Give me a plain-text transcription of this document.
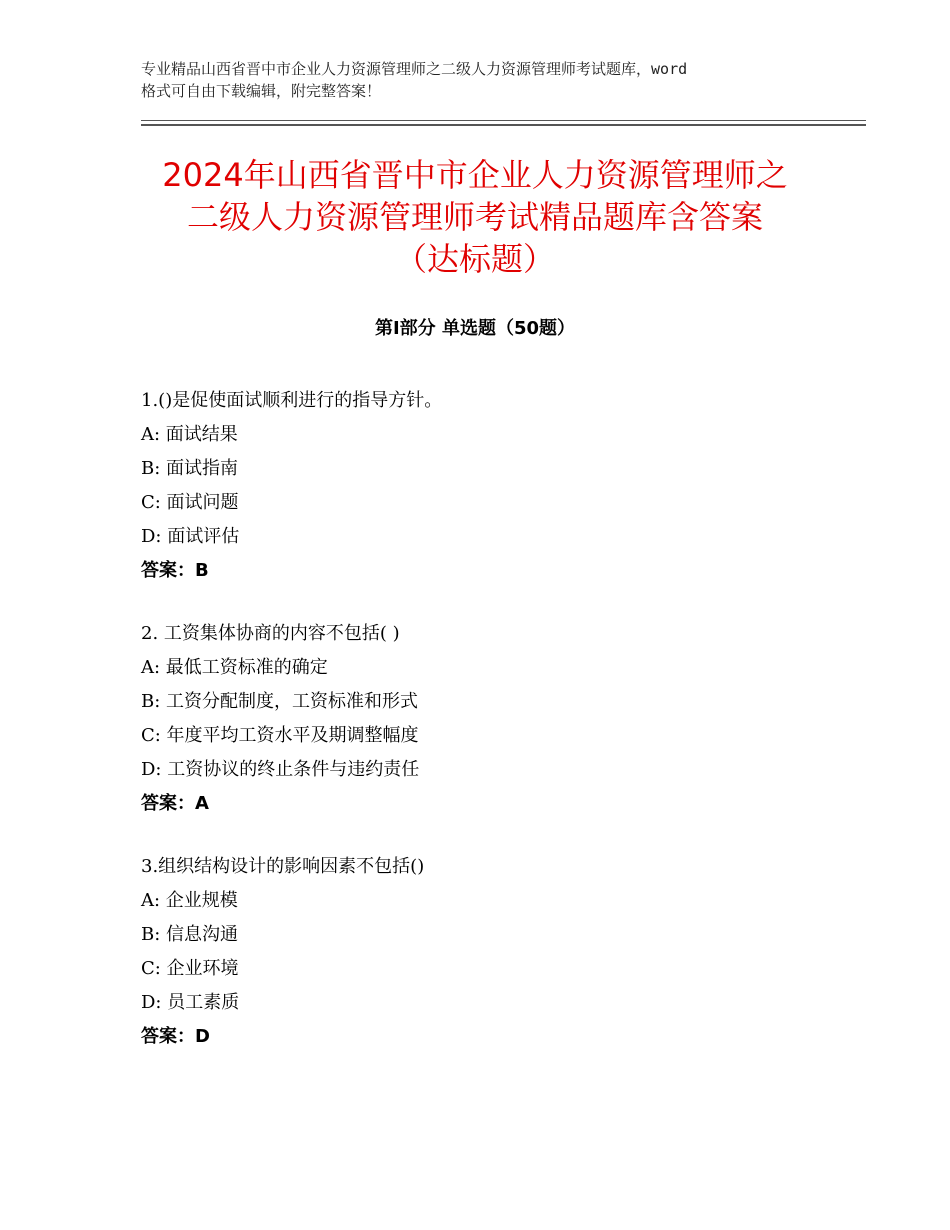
专业精品山西省晋中市企业人力资源管理师之二级人力资源管理师考试题库，word
格式可自由下载编辑，附完整答案！
2024年山西省晋中市企业人力资源管理师之
二级人力资源管理师考试精品题库含答案
（达标题）
第Ⅰ部分 单选题（50题）
1.()是促使面试顺利进行的指导方针。
A: 面试结果
B: 面试指南
C: 面试问题
D: 面试评估
答案：B
2. 工资集体协商的内容不包括( )
A: 最低工资标准的确定
B: 工资分配制度，工资标准和形式
C: 年度平均工资水平及期调整幅度
D: 工资协议的终止条件与违约责任
答案：A
3.组织结构设计的影响因素不包括()
A: 企业规模
B: 信息沟通
C: 企业环境
D: 员工素质
答案：D
